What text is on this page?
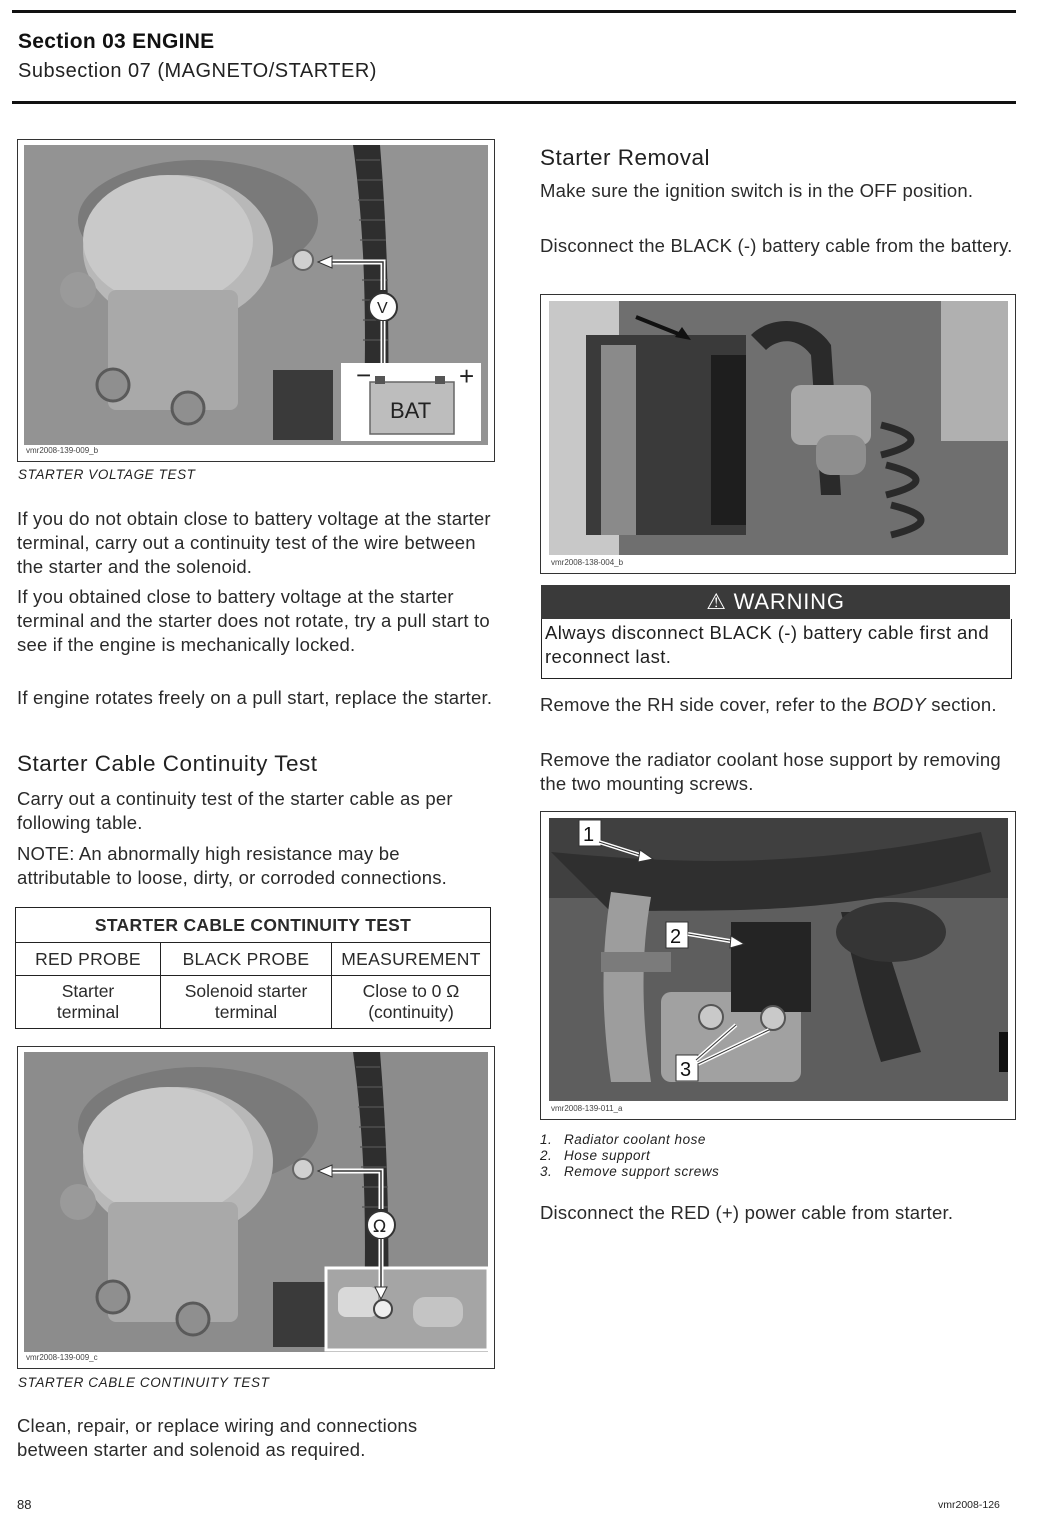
Section 03 ENGINE
Subsection 07 (MAGNETO/STARTER)
−	+
BAT
V
vmr2008-139-009_b
STARTER VOLTAGE TEST

If you do not obtain close to battery voltage at the starter terminal, carry out a continuity test of the wire between the starter and the solenoid.

If you obtained close to battery voltage at the starter terminal and the starter does not rotate, try a pull start to see if the engine is mechanically locked.

If engine rotates freely on a pull start, replace the starter.

Starter Cable Continuity Test

Carry out a continuity test of the starter cable as per following table.

NOTE: An abnormally high resistance may be attributable to loose, dirty, or corroded connections.

STARTER CABLE CONTINUITY TEST		
RED PROBE	BLACK PROBE	MEASUREMENT
Starter terminal	Solenoid starter terminal	Close to 0 Ω (continuity)
Ω
vmr2008-139-009_c
STARTER CABLE CONTINUITY TEST

Clean, repair, or replace wiring and connections between starter and solenoid as required.

Starter Removal

Make sure the ignition switch is in the OFF position.

Disconnect the BLACK (-) battery cable from the battery.

vmr2008-138-004_b
⚠ WARNING
Always disconnect BLACK (-) battery cable first and reconnect last.

Remove the RH side cover, refer to the BODY section.

Remove the radiator coolant hose support by removing the two mounting screws.

1
2
3
vmr2008-139-011_a
1. Radiator coolant hose
2. Hose support
3. Remove support screws

Disconnect the RED (+) power cable from starter.

88	vmr2008-126
